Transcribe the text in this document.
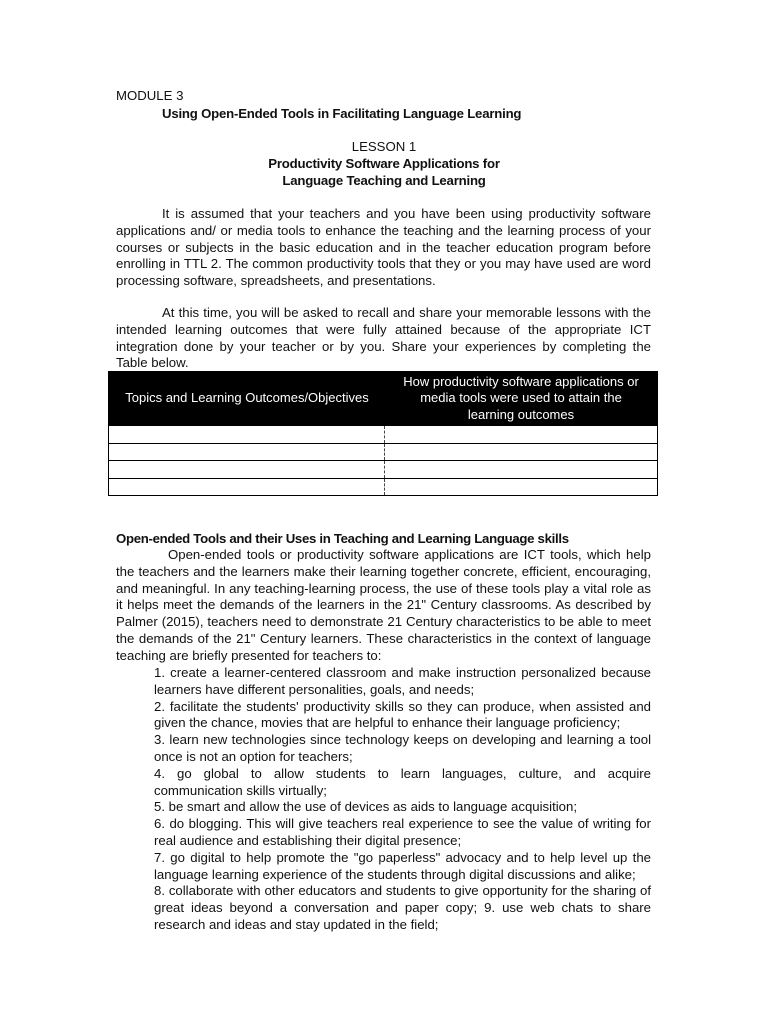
MODULE 3
Using Open-Ended Tools in Facilitating Language Learning
LESSON 1
Productivity Software Applications for
Language Teaching and Learning

It is assumed that your teachers and you have been using productivity software applications and/ or media tools to enhance the teaching and the learning process of your courses or subjects in the basic education and in the teacher education program before enrolling in TTL 2. The common productivity tools that they or you may have used are word processing software, spreadsheets, and presentations.

At this time, you will be asked to recall and share your memorable lessons with the intended learning outcomes that were fully attained because of the appropriate ICT integration done by your teacher or by you. Share your experiences by completing the Table below.

Topics and Learning Outcomes/Objectives
How productivity software applications or media tools were used to attain the learning outcomes
Open-ended Tools and their Uses in Teaching and Learning Language skills

Open-ended tools or productivity software applications are ICT tools, which help the teachers and the learners make their learning together concrete, efficient, encouraging, and meaningful. In any teaching-learning process, the use of these tools play a vital role as it helps meet the demands of the learners in the 21" Century classrooms. As described by Palmer (2015), teachers need to demonstrate 21 Century characteristics to be able to meet the demands of the 21" Century learners. These characteristics in the context of language teaching are briefly presented for teachers to:

1. create a learner-centered classroom and make instruction personalized because learners have different personalities, goals, and needs;

2. facilitate the students' productivity skills so they can produce, when assisted and given the chance, movies that are helpful to enhance their language proficiency;

3. learn new technologies since technology keeps on developing and learning a tool once is not an option for teachers;

4. go global to allow students to learn languages, culture, and acquire communication skills virtually;

5. be smart and allow the use of devices as aids to language acquisition;

6. do blogging. This will give teachers real experience to see the value of writing for real audience and establishing their digital presence;

7. go digital to help promote the "go paperless" advocacy and to help level up the language learning experience of the students through digital discussions and alike;

8. collaborate with other educators and students to give opportunity for the sharing of great ideas beyond a conversation and paper copy; 9. use web chats to share research and ideas and stay updated in the field;
